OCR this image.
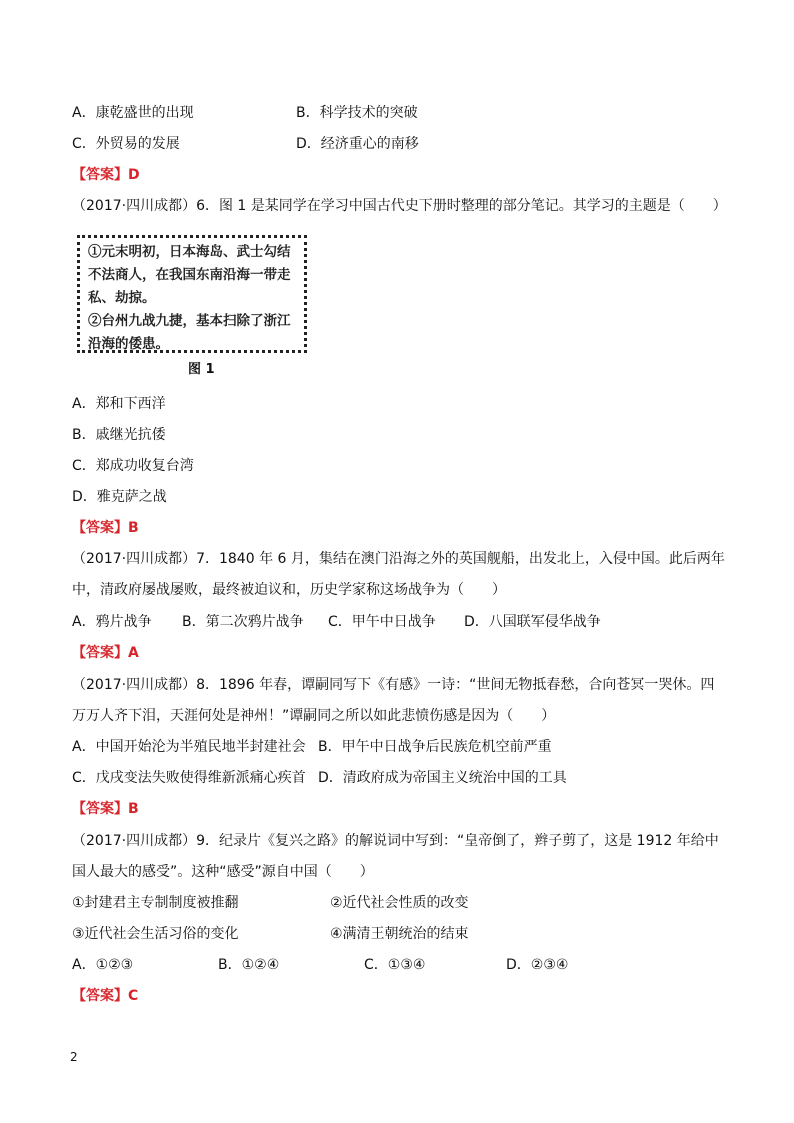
A．康乾盛世的出现	B．科学技术的突破
C．外贸易的发展	D．经济重心的南移
【答案】D
（2017·四川成都）6．图 1 是某同学在学习中国古代史下册时整理的部分笔记。其学习的主题是（　　）
①元末明初，日本海岛、武士勾结
不法商人，在我国东南沿海一带走
私、劫掠。
②台州九战九捷，基本扫除了浙江
沿海的倭患。
图 1
A．郑和下西洋
B．戚继光抗倭
C．郑成功收复台湾
D．雅克萨之战
【答案】B
（2017·四川成都）7．1840 年 6 月，集结在澳门沿海之外的英国舰船，出发北上，入侵中国。此后两年
中，清政府屡战屡败，最终被迫议和，历史学家称这场战争为（　　）
A．鸦片战争 B．第二次鸦片战争 C．甲午中日战争 D．八国联军侵华战争
【答案】A
（2017·四川成都）8．1896 年春，谭嗣同写下《有感》一诗：“世间无物抵春愁，合向苍冥一哭休。四
万万人齐下泪，天涯何处是神州！”谭嗣同之所以如此悲愤伤感是因为（　　）
A．中国开始沦为半殖民地半封建社会 B．甲午中日战争后民族危机空前严重
C．戊戌变法失败使得维新派痛心疾首 D．清政府成为帝国主义统治中国的工具
【答案】B
（2017·四川成都）9．纪录片《复兴之路》的解说词中写到：“皇帝倒了，辫子剪了，这是 1912 年给中
国人最大的感受”。这种“感受”源自中国（　　）
①封建君主专制制度被推翻	②近代社会性质的改变
③近代社会生活习俗的变化	④满清王朝统治的结束
A．①②③	B．①②④	C．①③④	D．②③④
【答案】C
2
